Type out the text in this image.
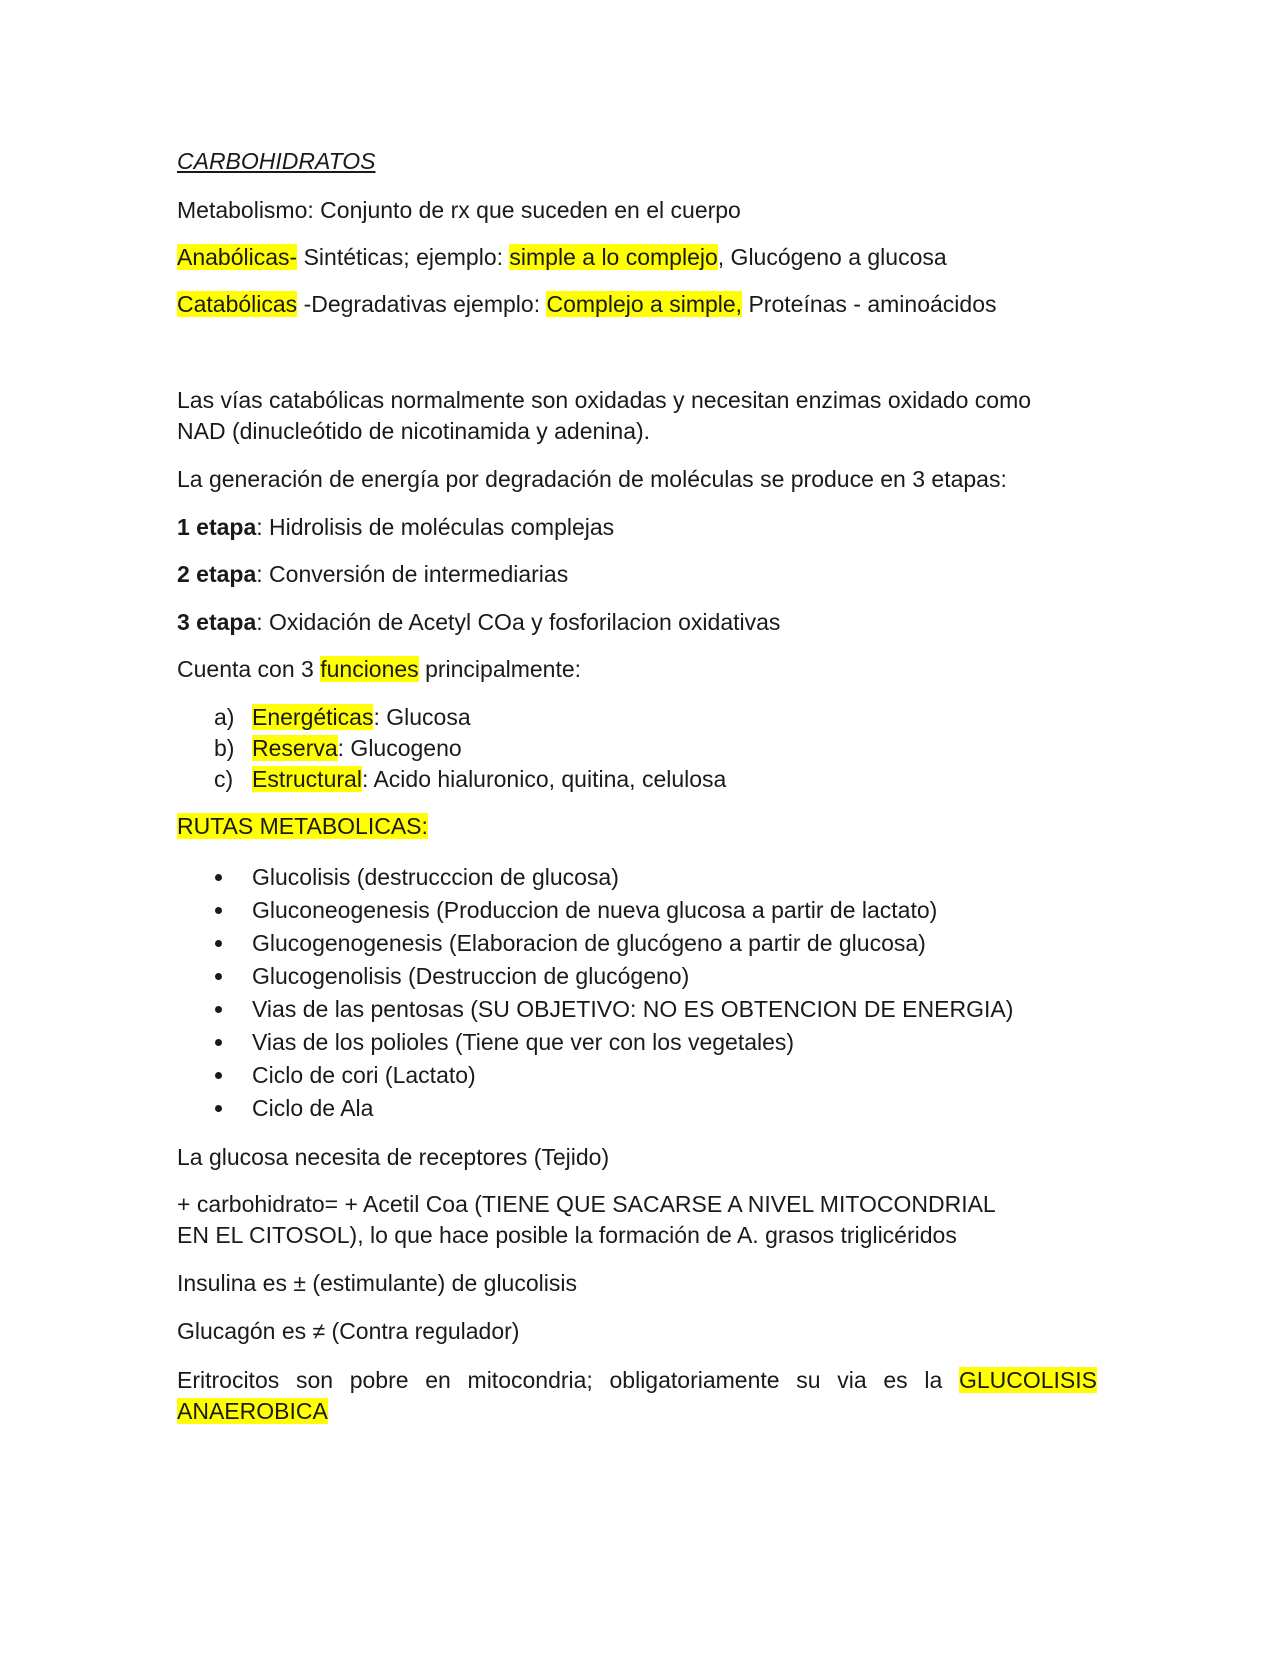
CARBOHIDRATOS
Metabolismo: Conjunto de rx que suceden en el cuerpo
Anabólicas- Sintéticas; ejemplo: simple a lo complejo, Glucógeno a glucosa
Catabólicas -Degradativas ejemplo: Complejo a simple, Proteínas - aminoácidos
Las vías catabólicas normalmente son oxidadas y necesitan enzimas oxidado como
NAD (dinucleótido de nicotinamida y adenina).
La generación de energía por degradación de moléculas se produce en 3 etapas:
1 etapa: Hidrolisis de moléculas complejas
2 etapa: Conversión de intermediarias
3 etapa: Oxidación de Acetyl COa y fosforilacion oxidativas
Cuenta con 3 funciones principalmente:
a) Energéticas: Glucosa
b) Reserva: Glucogeno
c) Estructural: Acido hialuronico, quitina, celulosa
RUTAS METABOLICAS:
Glucolisis (destrucccion de glucosa)
Gluconeogenesis (Produccion de nueva glucosa a partir de lactato)
Glucogenogenesis (Elaboracion de glucógeno a partir de glucosa)
Glucogenolisis (Destruccion de glucógeno)
Vias de las pentosas (SU OBJETIVO: NO ES OBTENCION DE ENERGIA)
Vias de los polioles (Tiene que ver con los vegetales)
Ciclo de cori (Lactato)
Ciclo de Ala
La glucosa necesita de receptores (Tejido)
+ carbohidrato= + Acetil Coa (TIENE QUE SACARSE A NIVEL MITOCONDRIAL
EN EL CITOSOL), lo que hace posible la formación de A. grasos triglicéridos
Insulina es ± (estimulante) de glucolisis
Glucagón es ≠ (Contra regulador)
Eritrocitos son pobre en mitocondria; obligatoriamente su via es la GLUCOLISIS ANAEROBICA
